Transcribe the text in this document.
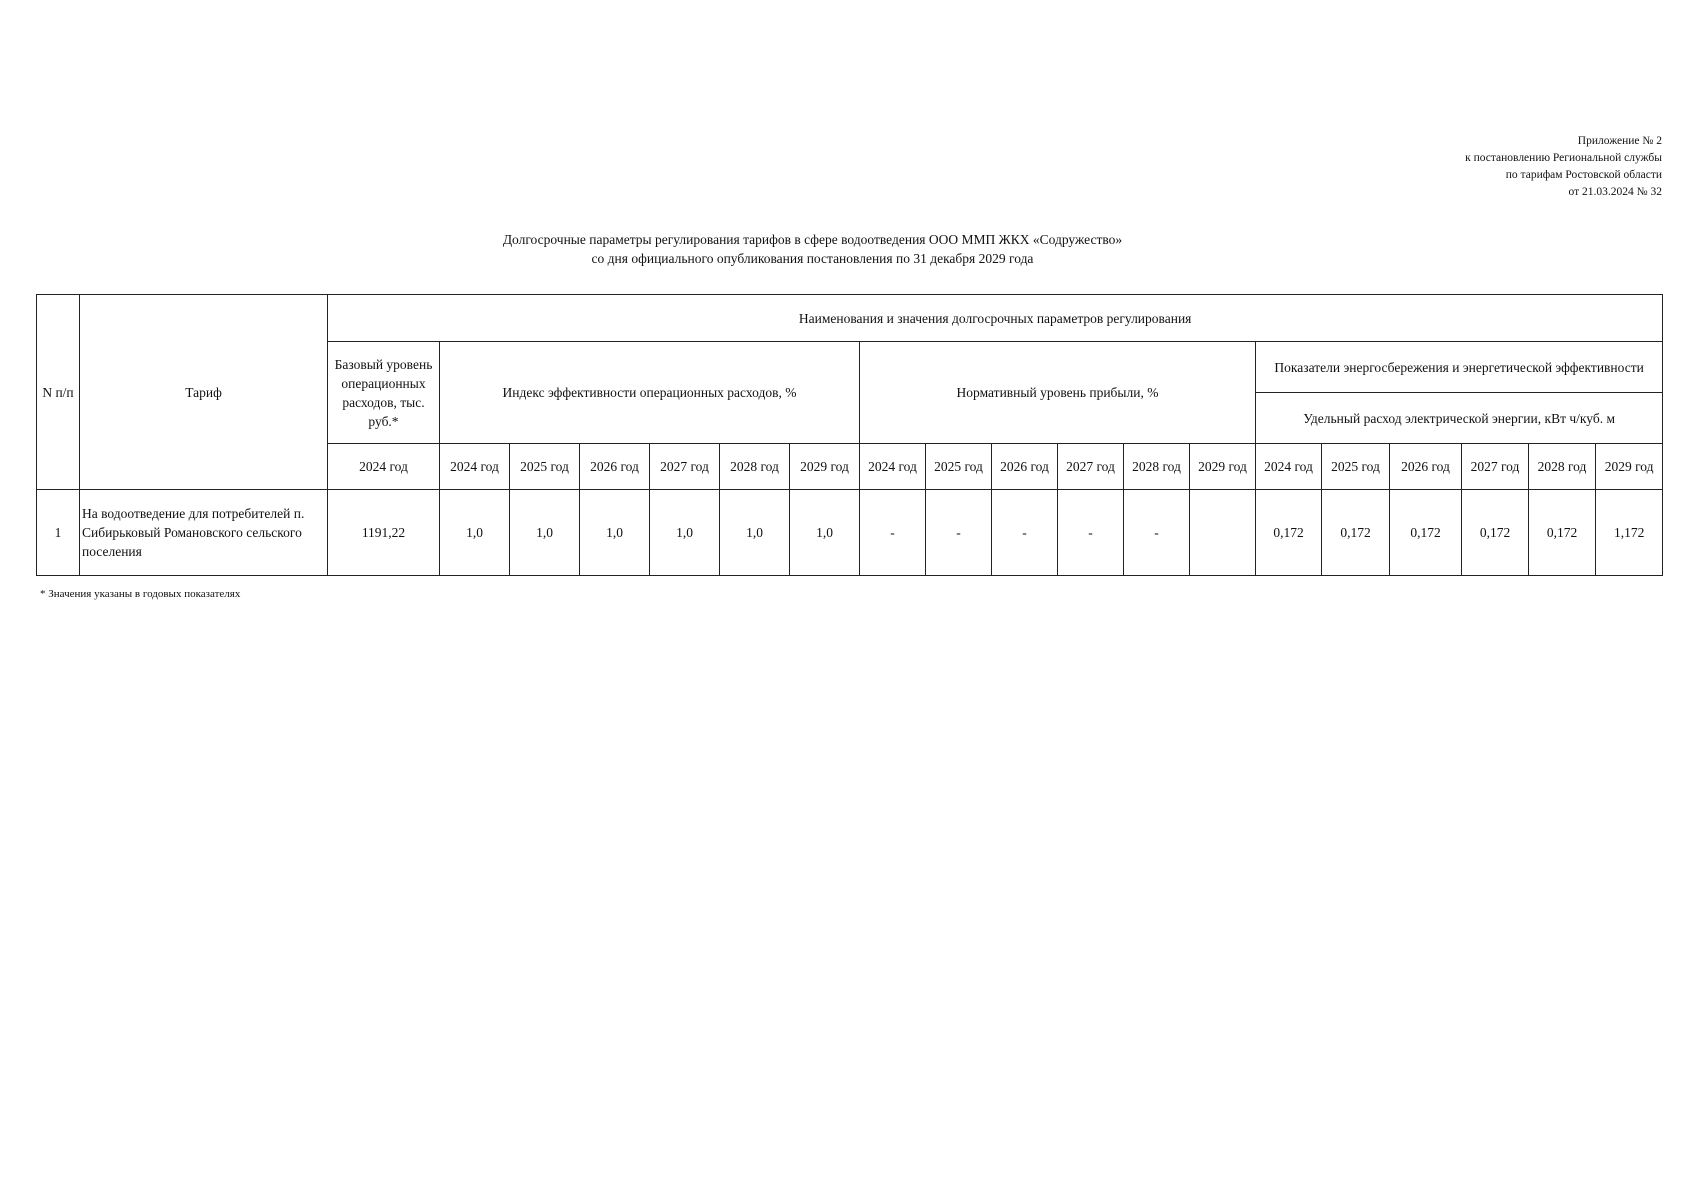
Приложение № 2
к постановлению Региональной службы
по тарифам Ростовской области
от 21.03.2024 № 32
Долгосрочные параметры регулирования тарифов в сфере водоотведения ООО ММП ЖКХ «Содружество»
со дня официального опубликования постановления по 31 декабря 2029 года
N п/п	Тариф	Наименования и значения долгосрочных параметров регулирования																		
		Базовый уровень операционных расходов, тыс. руб.*	Индекс эффективности операционных расходов, %						Нормативный уровень прибыли, %						Показатели энергосбережения и энергетической эффективности					
															Удельный расход электрической энергии, кВт ч/куб. м					
		2024 год	2024 год	2025 год	2026 год	2027 год	2028 год	2029 год	2024 год	2025 год	2026 год	2027 год	2028 год	2029 год	2024 год	2025 год	2026 год	2027 год	2028 год	2029 год
1	На водоотведение для потребителей п. Сибирьковый Романовского сельского поселения	1191,22	1,0	1,0	1,0	1,0	1,0	1,0	-	-	-	-	-		0,172	0,172	0,172	0,172	0,172	1,172
* Значения указаны в годовых показателях
